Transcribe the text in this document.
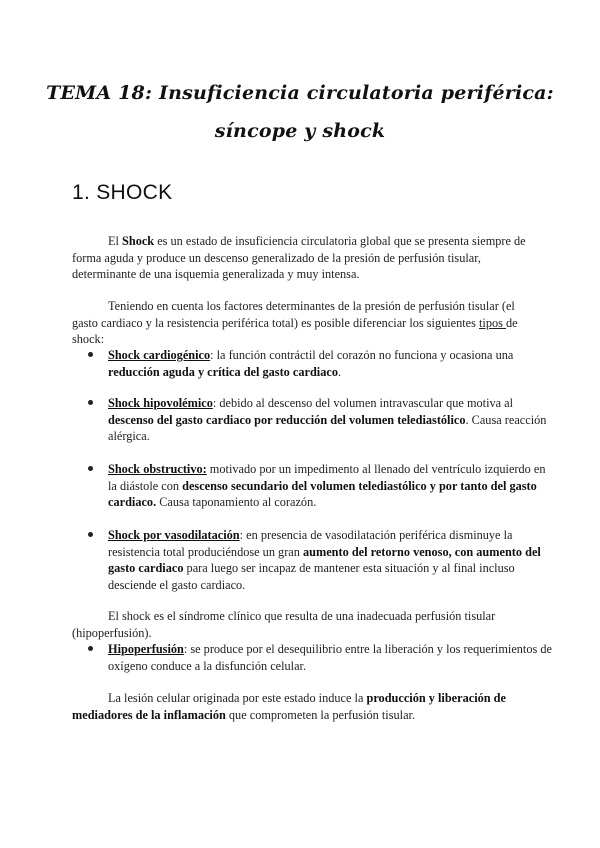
TEMA 18: Insuficiencia circulatoria periférica:
síncope y shock
1. SHOCK

El Shock es un estado de insuficiencia circulatoria global que se presenta siempre de forma aguda y produce un descenso generalizado de la presión de perfusión tisular, determinante de una isquemia generalizada y muy intensa.

Teniendo en cuenta los factores determinantes de la presión de perfusión tisular (el gasto cardiaco y la resistencia periférica total) es posible diferenciar los siguientes tipos de shock:

Shock cardiogénico: la función contráctil del corazón no funciona y ocasiona una reducción aguda y crítica del gasto cardiaco.
Shock hipovolémico: debido al descenso del volumen intravascular que motiva al descenso del gasto cardiaco por reducción del volumen telediastólico. Causa reacción alérgica.
Shock obstructivo: motivado por un impedimento al llenado del ventrículo izquierdo en la diástole con descenso secundario del volumen telediastólico y por tanto del gasto cardiaco. Causa taponamiento al corazón.
Shock por vasodilatación: en presencia de vasodilatación periférica disminuye la resistencia total produciéndose un gran aumento del retorno venoso, con aumento del gasto cardiaco para luego ser incapaz de mantener esta situación y al final incluso desciende el gasto cardiaco.

El shock es el síndrome clínico que resulta de una inadecuada perfusión tisular (hipoperfusión).

Hipoperfusión: se produce por el desequilibrio entre la liberación y los requerimientos de oxígeno conduce a la disfunción celular.

La lesión celular originada por este estado induce la producción y liberación de mediadores de la inflamación que comprometen la perfusión tisular.
